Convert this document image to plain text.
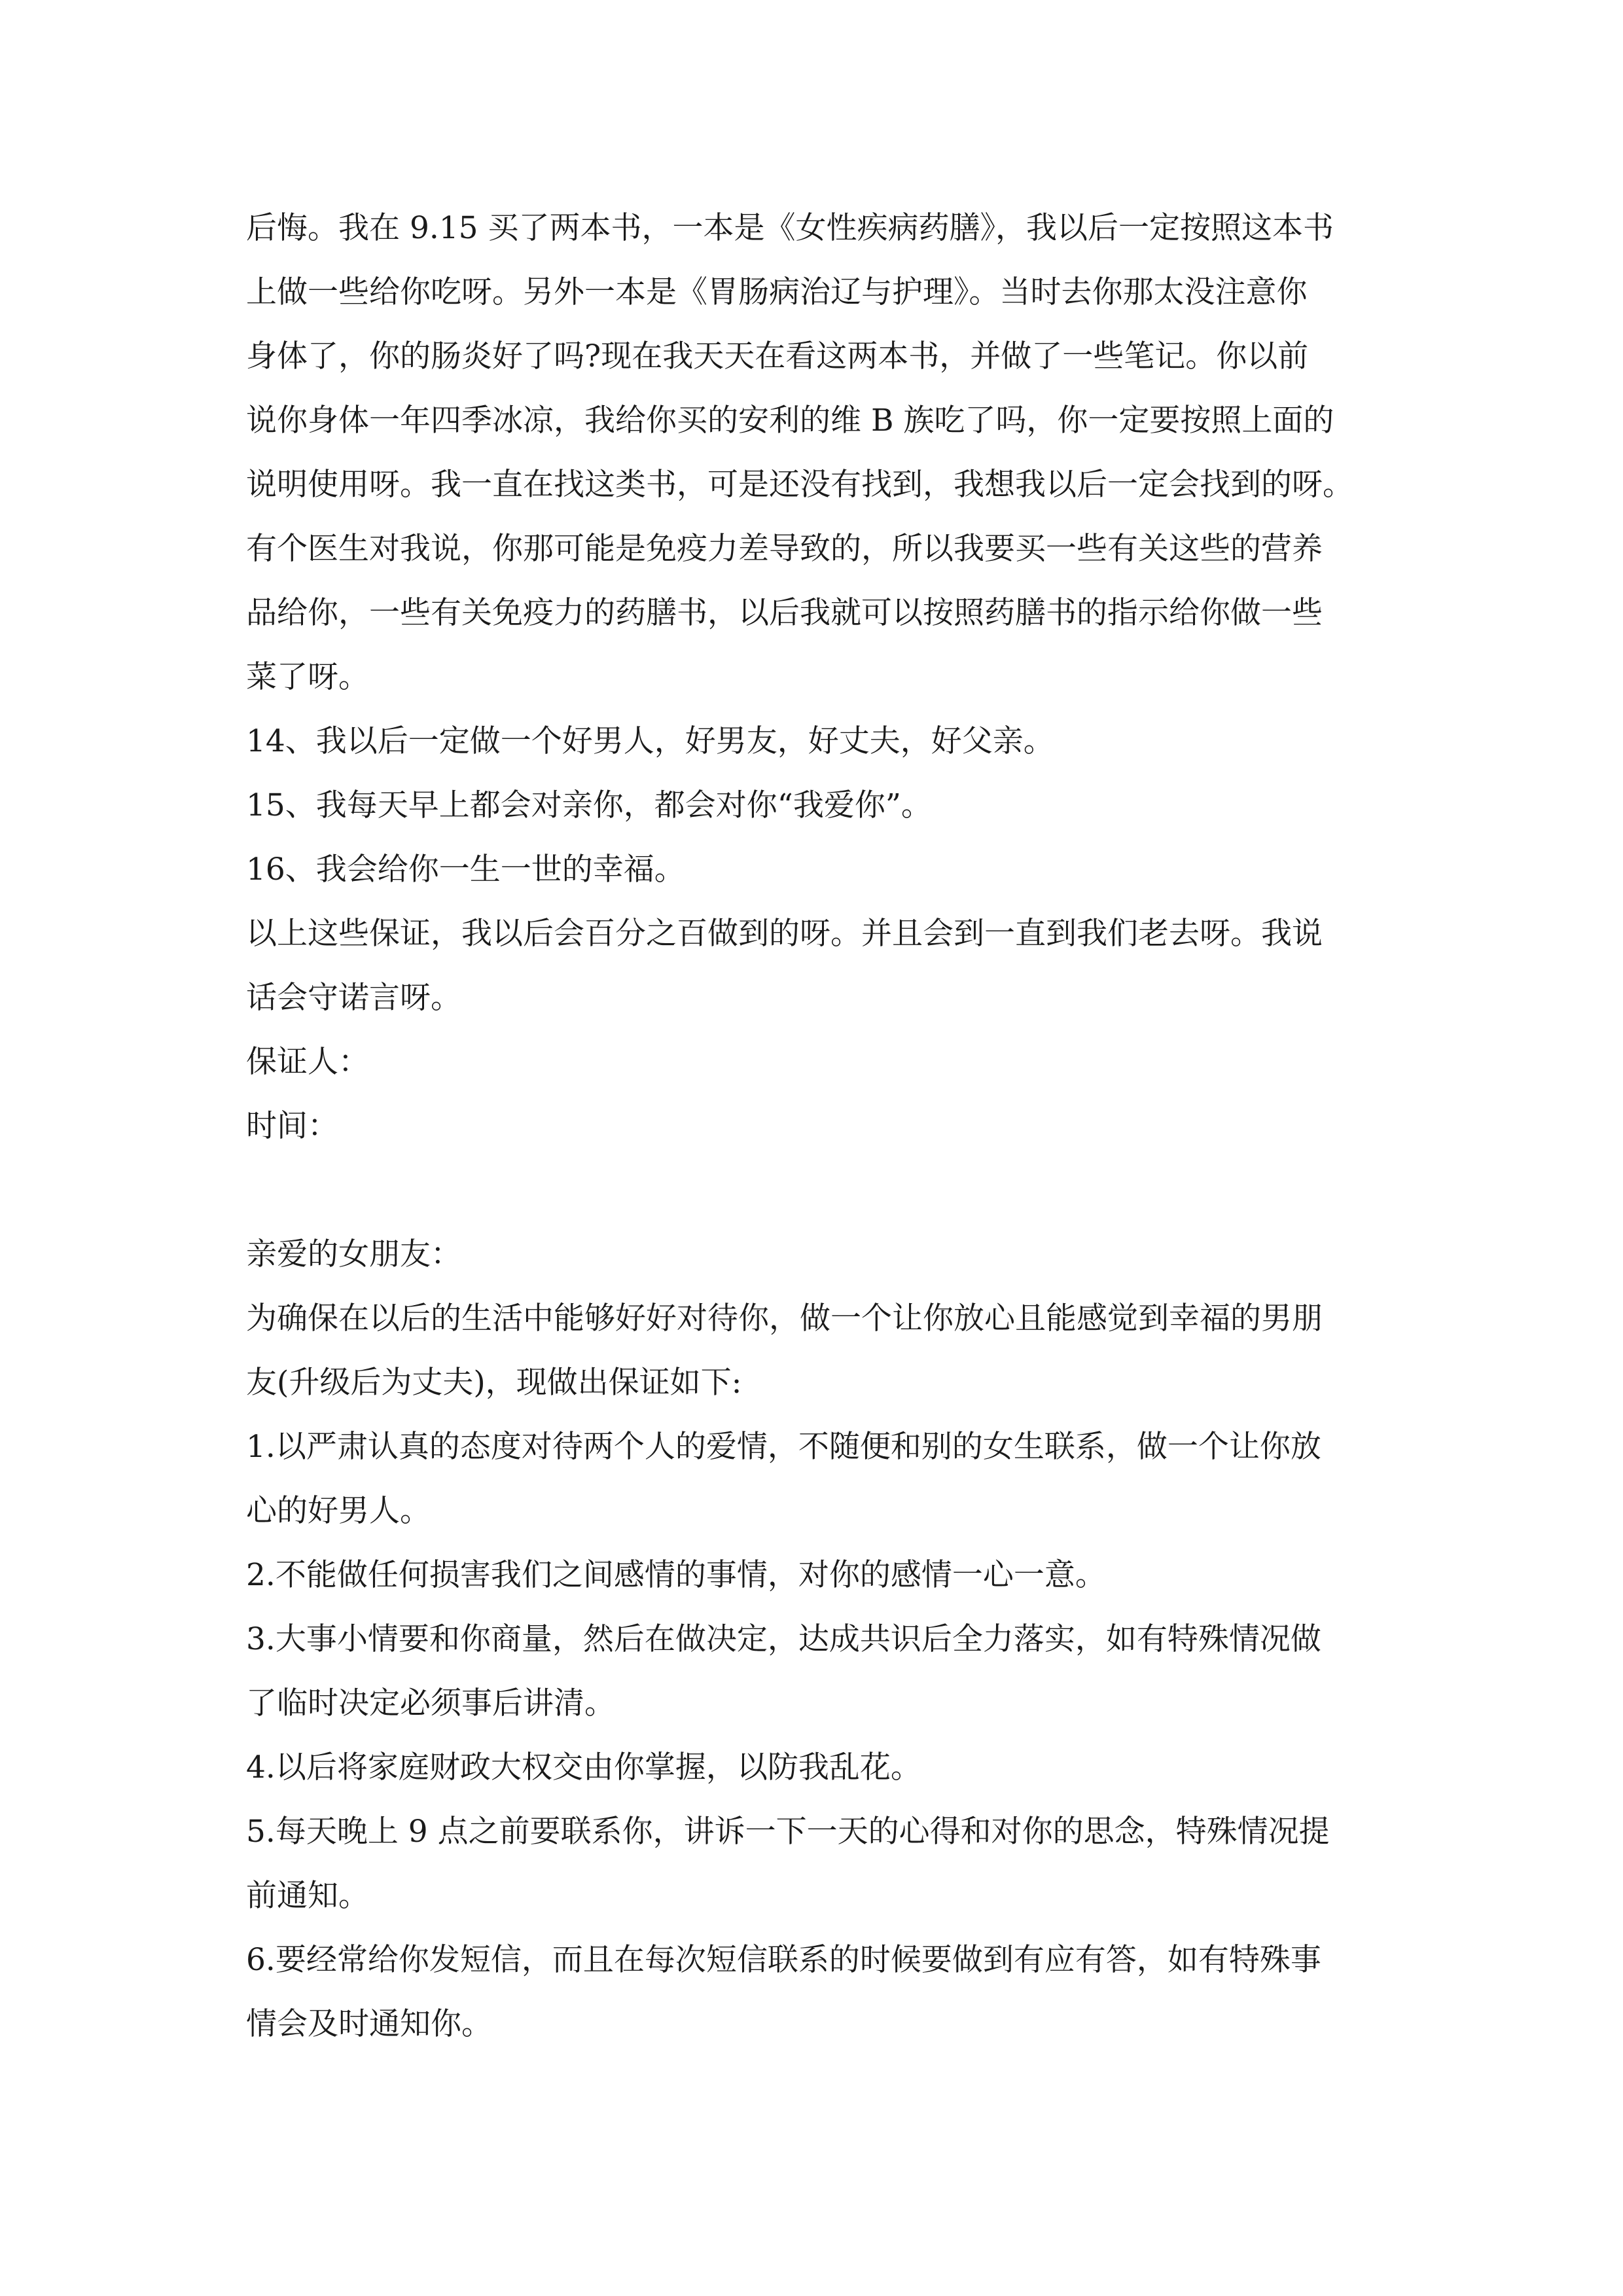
后悔。我在 9.15 买了两本书，一本是《女性疾病药膳》，我以后一定按照这本书

上做一些给你吃呀。另外一本是《胃肠病治辽与护理》。当时去你那太没注意你

身体了，你的肠炎好了吗?现在我天天在看这两本书，并做了一些笔记。你以前

说你身体一年四季冰凉，我给你买的安利的维 B 族吃了吗，你一定要按照上面的

说明使用呀。我一直在找这类书，可是还没有找到，我想我以后一定会找到的呀。

有个医生对我说，你那可能是免疫力差导致的，所以我要买一些有关这些的营养

品给你，一些有关免疫力的药膳书，以后我就可以按照药膳书的指示给你做一些

菜了呀。

14、我以后一定做一个好男人，好男友，好丈夫，好父亲。

15、我每天早上都会对亲你，都会对你“我爱你”。

16、我会给你一生一世的幸福。

以上这些保证，我以后会百分之百做到的呀。并且会到一直到我们老去呀。我说

话会守诺言呀。

保证人：

时间：

亲爱的女朋友：

为确保在以后的生活中能够好好对待你，做一个让你放心且能感觉到幸福的男朋

友(升级后为丈夫)，现做出保证如下:

1.以严肃认真的态度对待两个人的爱情，不随便和别的女生联系，做一个让你放

心的好男人。

2.不能做任何损害我们之间感情的事情，对你的感情一心一意。

3.大事小情要和你商量，然后在做决定，达成共识后全力落实，如有特殊情况做

了临时决定必须事后讲清。

4.以后将家庭财政大权交由你掌握，以防我乱花。

5.每天晚上 9 点之前要联系你，讲诉一下一天的心得和对你的思念，特殊情况提

前通知。

6.要经常给你发短信，而且在每次短信联系的时候要做到有应有答，如有特殊事

情会及时通知你。
